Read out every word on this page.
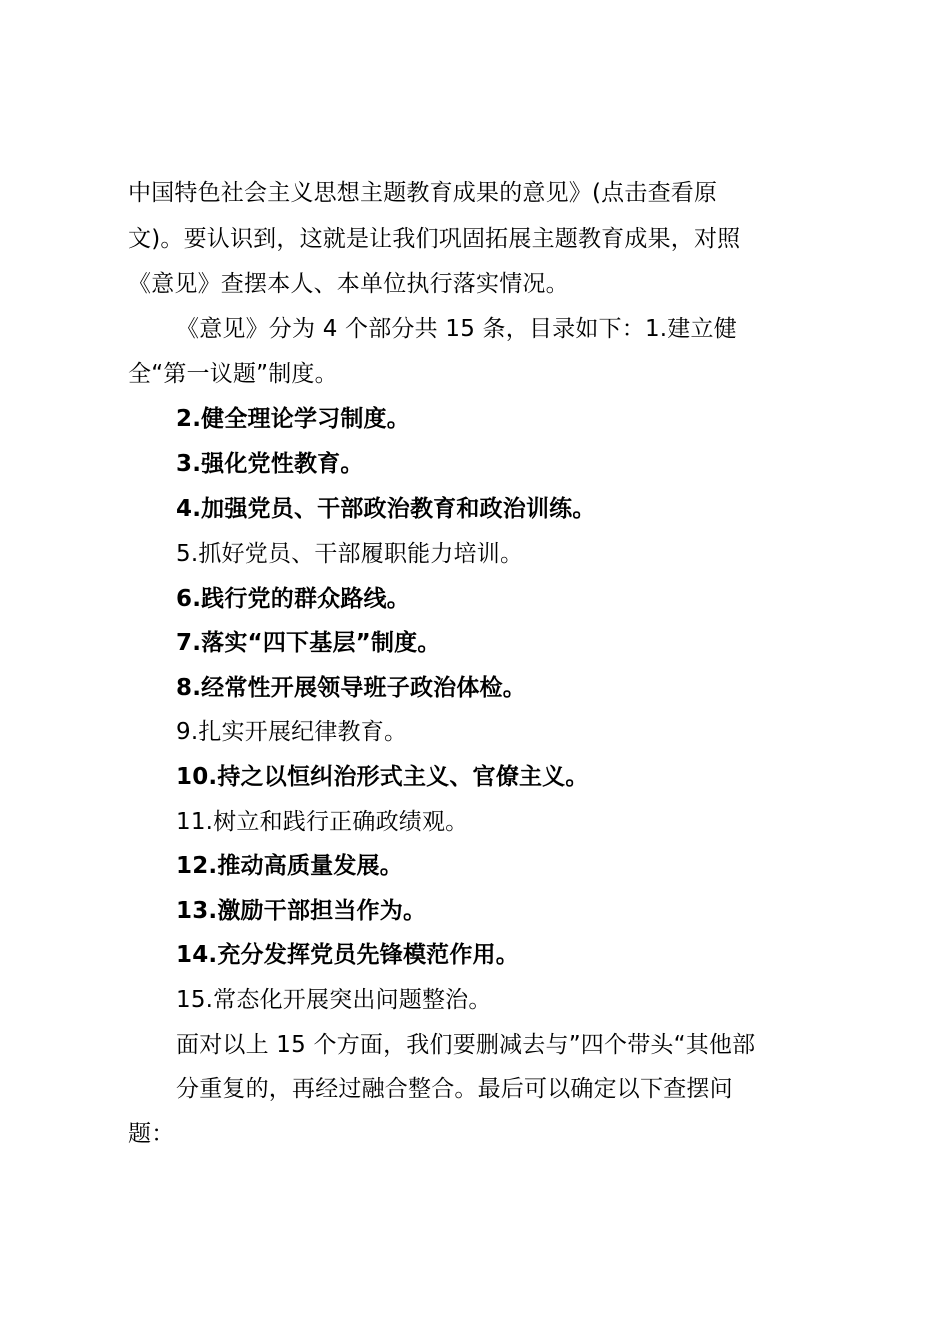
中国特色社会主义思想主题教育成果的意见》(点击查看原
文)。要认识到，这就是让我们巩固拓展主题教育成果，对照
《意见》查摆本人、本单位执行落实情况。
《意见》分为 4 个部分共 15 条，目录如下：1.建立健
全“第一议题”制度。
2.健全理论学习制度。
3.强化党性教育。
4.加强党员、干部政治教育和政治训练。
5.抓好党员、干部履职能力培训。
6.践行党的群众路线。
7.落实“四下基层”制度。
8.经常性开展领导班子政治体检。
9.扎实开展纪律教育。
10.持之以恒纠治形式主义、官僚主义。
11.树立和践行正确政绩观。
12.推动高质量发展。
13.激励干部担当作为。
14.充分发挥党员先锋模范作用。
15.常态化开展突出问题整治。
面对以上 15 个方面，我们要删减去与”四个带头“其他部
分重复的，再经过融合整合。最后可以确定以下查摆问
题：
